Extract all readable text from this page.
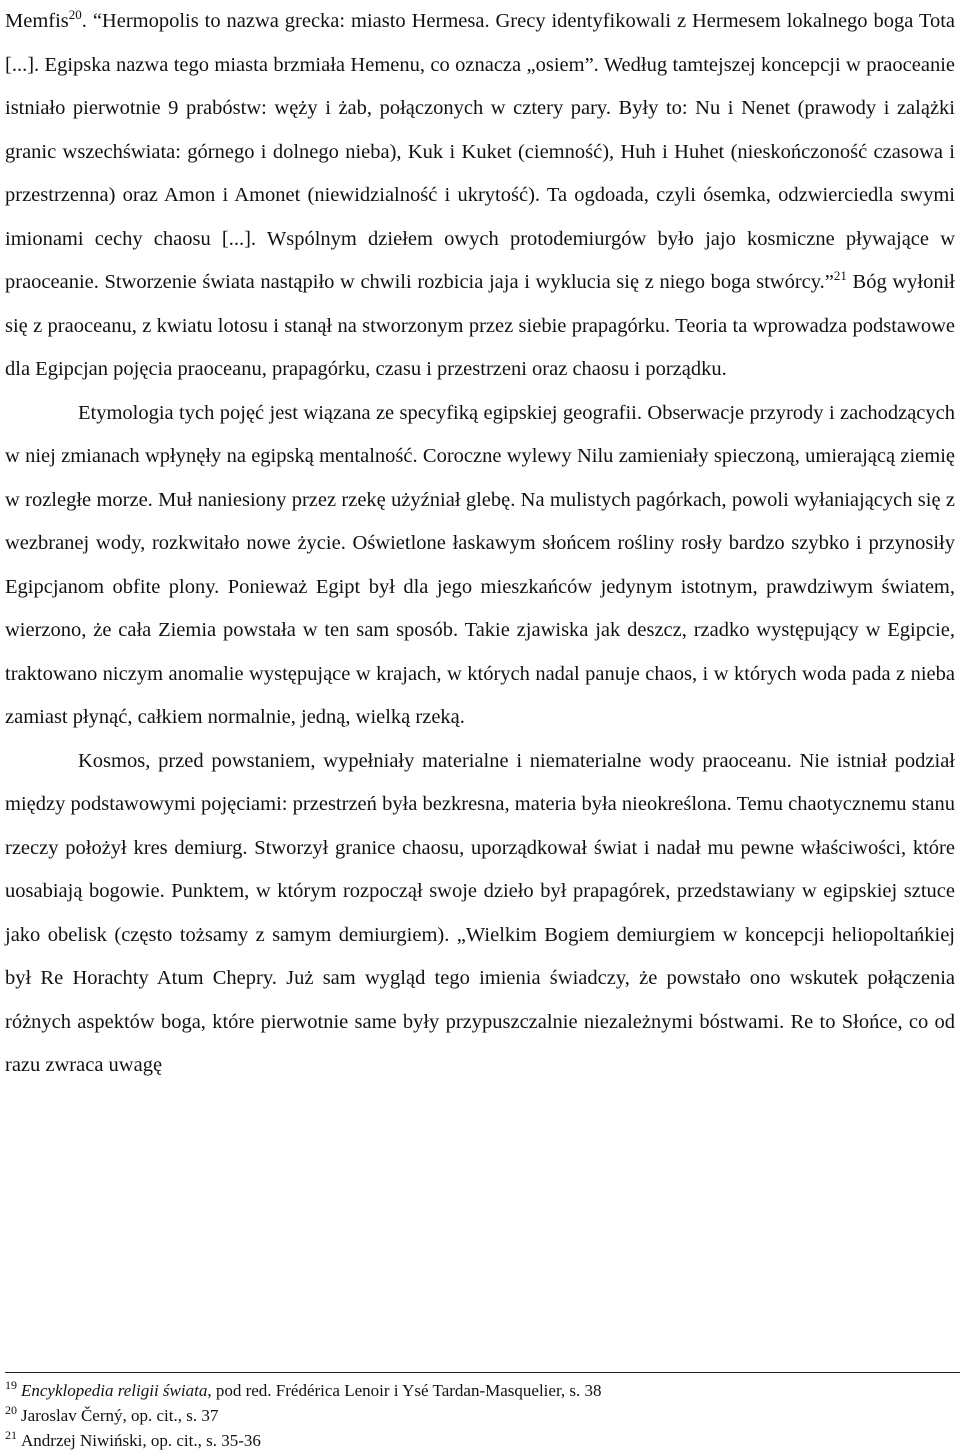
Memfis$^{20}$. “Hermopolis to nazwa grecka: miasto Hermesa. Grecy identyfikowali z Hermesem lokalnego boga Tota [...]. Egipska nazwa tego miasta brzmiała Hemenu, co oznacza „osiem”. Według tamtejszej koncepcji w praoceanie istniało pierwotnie 9 prabóstw: węży i żab, połączonych w cztery pary. Były to: Nu i Nenet (prawody i zalążki granic wszechświata: górnego i dolnego nieba), Kuk i Kuket (ciemność), Huh i Huhet (nieskończoność czasowa i przestrzenna) oraz Amon i Amonet (niewidzialność i ukrytość). Ta ogdoada, czyli ósemka, odzwierciedla swymi imionami cechy chaosu [...]. Wspólnym dziełem owych protodemiurgów było jajo kosmiczne pływające w praoceanie. Stworzenie świata nastąpiło w chwili rozbicia jaja i wyklucia się z niego boga stwórcy.”$^{21}$ Bóg wyłonił się z praoceanu, z kwiatu lotosu i stanął na stworzonym przez siebie prapagórku. Teoria ta wprowadza podstawowe dla Egipcjan pojęcia praoceanu, prapagórku, czasu i przestrzeni oraz chaosu i porządku.

Etymologia tych pojęć jest wiązana ze specyfiką egipskiej geografii. Obserwacje przyrody i zachodzących w niej zmianach wpłynęły na egipską mentalność. Coroczne wylewy Nilu zamieniały spieczoną, umierającą ziemię w rozległe morze. Muł naniesiony przez rzekę użyźniał glebę. Na mulistych pagórkach, powoli wyłaniających się z wezbranej wody, rozkwitało nowe życie. Oświetlone łaskawym słońcem rośliny rosły bardzo szybko i przynosiły Egipcjanom obfite plony. Ponieważ Egipt był dla jego mieszkańców jedynym istotnym, prawdziwym światem, wierzono, że cała Ziemia powstała w ten sam sposób. Takie zjawiska jak deszcz, rzadko występujący w Egipcie, traktowano niczym anomalie występujące w krajach, w których nadal panuje chaos, i w których woda pada z nieba zamiast płynąć, całkiem normalnie, jedną, wielką rzeką.

Kosmos, przed powstaniem, wypełniały materialne i niematerialne wody praoceanu. Nie istniał podział między podstawowymi pojęciami: przestrzeń była bezkresna, materia była nieokreślona. Temu chaotycznemu stanu rzeczy położył kres demiurg. Stworzył granice chaosu, uporządkował świat i nadał mu pewne właściwości, które uosabiają bogowie. Punktem, w którym rozpoczął swoje dzieło był prapagórek, przedstawiany w egipskiej sztuce jako obelisk (często tożsamy z samym demiurgiem). „Wielkim Bogiem demiurgiem w koncepcji heliopoltańkiej był Re Horachty Atum Chepry. Już sam wygląd tego imienia świadczy, że powstało ono wskutek połączenia różnych aspektów boga, które pierwotnie same były przypuszczalnie niezależnymi bóstwami. Re to Słońce, co od razu zwraca uwagę

$^{19}$ Encyklopedia religii świata, pod red. Frédérica Lenoir i Ysé Tardan-Masquelier, s. 38

$^{20}$ Jaroslav Černý, op. cit., s. 37

$^{21}$ Andrzej Niwiński, op. cit., s. 35-36
